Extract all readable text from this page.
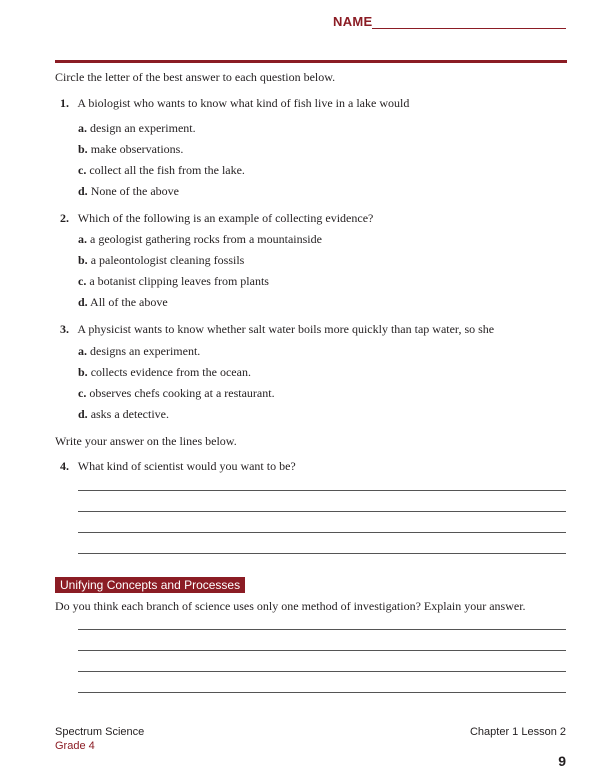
NAME
Circle the letter of the best answer to each question below.
1. A biologist who wants to know what kind of fish live in a lake would
a. design an experiment.
b. make observations.
c. collect all the fish from the lake.
d. None of the above
2. Which of the following is an example of collecting evidence?
a. a geologist gathering rocks from a mountainside
b. a paleontologist cleaning fossils
c. a botanist clipping leaves from plants
d. All of the above
3. A physicist wants to know whether salt water boils more quickly than tap water, so she
a. designs an experiment.
b. collects evidence from the ocean.
c. observes chefs cooking at a restaurant.
d. asks a detective.
Write your answer on the lines below.
4. What kind of scientist would you want to be?
Unifying Concepts and Processes
Do you think each branch of science uses only one method of investigation? Explain your answer.
Spectrum Science
Grade 4
Chapter 1 Lesson 2
9
